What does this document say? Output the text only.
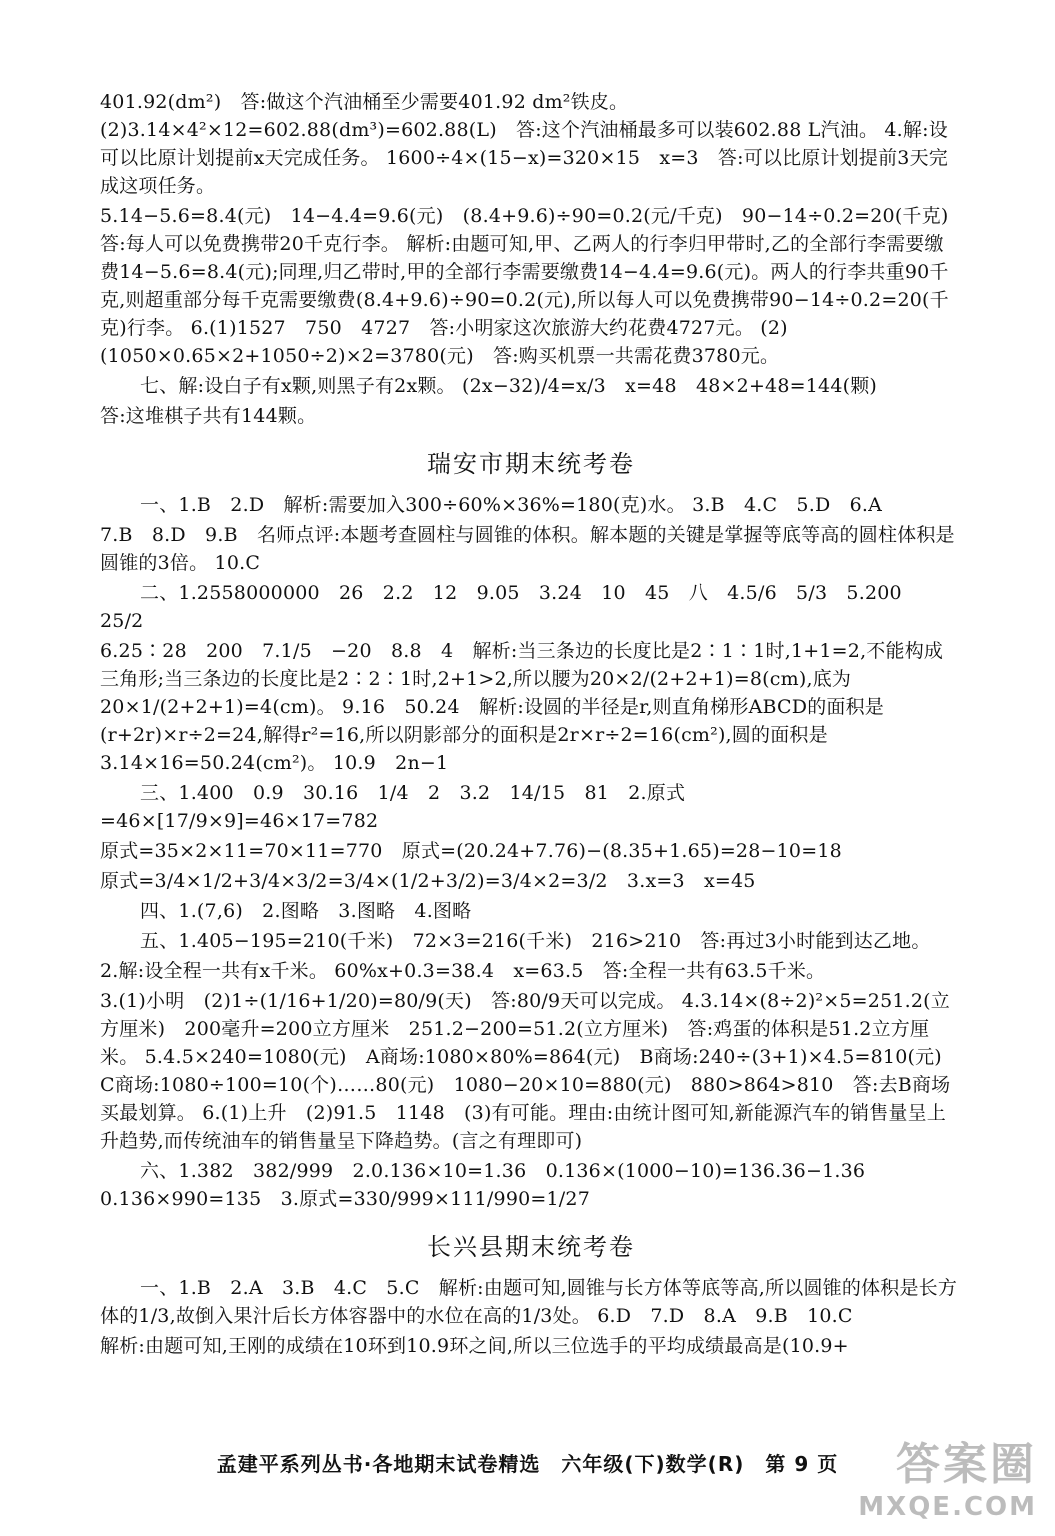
401.92(dm²)　答:做这个汽油桶至少需要401.92 dm²铁皮。 (2)3.14×4²×12=602.88(dm³)=602.88(L)　答:这个汽油桶最多可以装602.88 L汽油。 4.解:设可以比原计划提前x天完成任务。 1600÷4×(15−x)=320×15　x=3　答:可以比原计划提前3天完成这项任务。
5.14−5.6=8.4(元)　14−4.4=9.6(元)　(8.4+9.6)÷90=0.2(元/千克)　90−14÷0.2=20(千克)　答:每人可以免费携带20千克行李。 解析:由题可知,甲、乙两人的行李归甲带时,乙的全部行李需要缴费14−5.6=8.4(元);同理,归乙带时,甲的全部行李需要缴费14−4.4=9.6(元)。两人的行李共重90千克,则超重部分每千克需要缴费(8.4+9.6)÷90=0.2(元),所以每人可以免费携带90−14÷0.2=20(千克)行李。 6.(1)1527　750　4727　答:小明家这次旅游大约花费4727元。 (2)(1050×0.65×2+1050÷2)×2=3780(元)　答:购买机票一共需花费3780元。
七、解:设白子有x颗,则黑子有2x颗。 (2x−32)/4=x/3　x=48　48×2+48=144(颗)
答:这堆棋子共有144颗。
瑞安市期末统考卷
一、1.B　2.D　解析:需要加入300÷60%×36%=180(克)水。 3.B　4.C　5.D　6.A
7.B　8.D　9.B　名师点评:本题考查圆柱与圆锥的体积。解本题的关键是掌握等底等高的圆柱体积是圆锥的3倍。 10.C
二、1.2558000000　26　2.2　12　9.05　3.24　10　45　八　4.5/6　5/3　5.200　25/2
6.25∶28　200　7.1/5　−20　8.8　4　解析:当三条边的长度比是2∶1∶1时,1+1=2,不能构成三角形;当三条边的长度比是2∶2∶1时,2+1>2,所以腰为20×2/(2+2+1)=8(cm),底为20×1/(2+2+1)=4(cm)。 9.16　50.24　解析:设圆的半径是r,则直角梯形ABCD的面积是(r+2r)×r÷2=24,解得r²=16,所以阴影部分的面积是2r×r÷2=16(cm²),圆的面积是3.14×16=50.24(cm²)。 10.9　2n−1
三、1.400　0.9　30.16　1/4　2　3.2　14/15　81　2.原式=46×[17/9×9]=46×17=782
原式=35×2×11=70×11=770　原式=(20.24+7.76)−(8.35+1.65)=28−10=18
原式=3/4×1/2+3/4×3/2=3/4×(1/2+3/2)=3/4×2=3/2　3.x=3　x=45
四、1.(7,6)　2.图略　3.图略　4.图略
五、1.405−195=210(千米)　72×3=216(千米)　216>210　答:再过3小时能到达乙地。
2.解:设全程一共有x千米。 60%x+0.3=38.4　x=63.5　答:全程一共有63.5千米。
3.(1)小明　(2)1÷(1/16+1/20)=80/9(天)　答:80/9天可以完成。 4.3.14×(8÷2)²×5=251.2(立方厘米)　200毫升=200立方厘米　251.2−200=51.2(立方厘米)　答:鸡蛋的体积是51.2立方厘米。 5.4.5×240=1080(元)　A商场:1080×80%=864(元)　B商场:240÷(3+1)×4.5=810(元)　C商场:1080÷100=10(个)……80(元)　1080−20×10=880(元)　880>864>810　答:去B商场买最划算。 6.(1)上升　(2)91.5　1148　(3)有可能。理由:由统计图可知,新能源汽车的销售量呈上升趋势,而传统油车的销售量呈下降趋势。(言之有理即可)
六、1.382　382/999　2.0.136×10=1.36　0.136×(1000−10)=136.36−1.36　0.136×990=135　3.原式=330/999×111/990=1/27
长兴县期末统考卷
一、1.B　2.A　3.B　4.C　5.C　解析:由题可知,圆锥与长方体等底等高,所以圆锥的体积是长方体的1/3,故倒入果汁后长方体容器中的水位在高的1/3处。 6.D　7.D　8.A　9.B　10.C
解析:由题可知,王刚的成绩在10环到10.9环之间,所以三位选手的平均成绩最高是(10.9+
孟建平系列丛书·各地期末试卷精选　六年级(下)数学(R)　第 9 页	答案圈
MXQE.COM
